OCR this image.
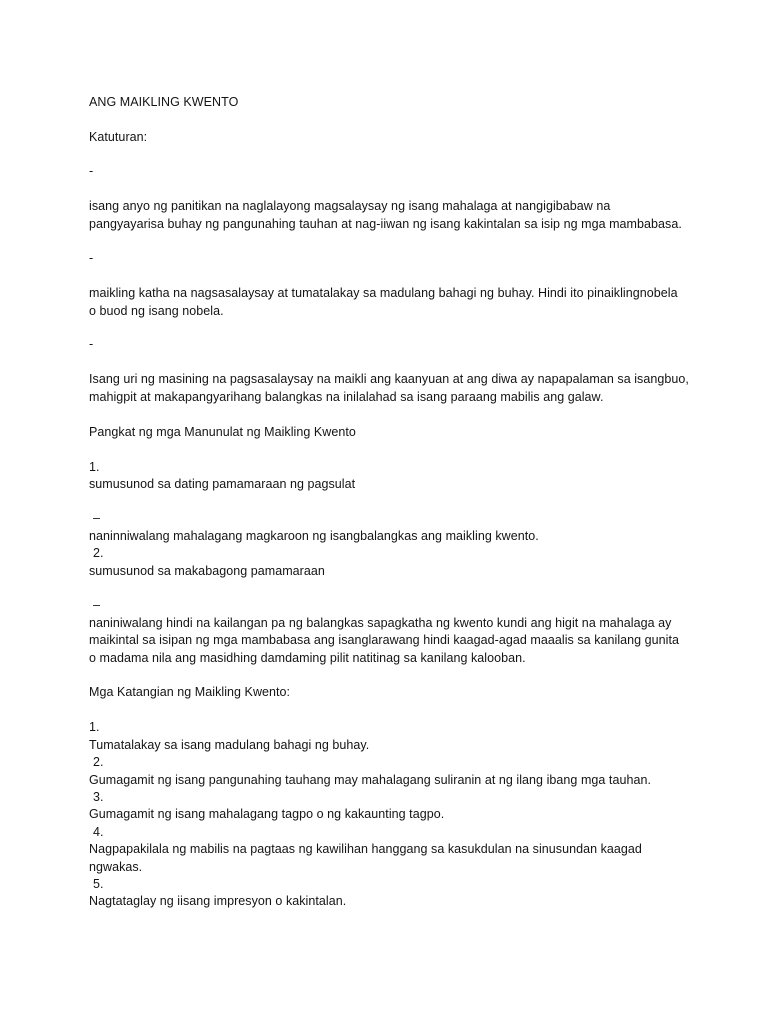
ANG MAIKLING KWENTO
Katuturan:
-
isang anyo ng panitikan na naglalayong magsalaysay ng isang mahalaga at nangigibabaw na
pangyayarisa buhay ng pangunahing tauhan at nag-iiwan ng isang kakintalan sa isip ng mga mambabasa.
-
maikling katha na nagsasalaysay at tumatalakay sa madulang bahagi ng buhay. Hindi ito pinaiklingnobela
o buod ng isang nobela.
-
Isang uri ng masining na pagsasalaysay na maikli ang kaanyuan at ang diwa ay napapalaman sa isangbuo,
mahigpit at makapangyarihang balangkas na inilalahad sa isang paraang mabilis ang galaw.
Pangkat ng mga Manunulat ng Maikling Kwento
1.
sumusunod sa dating pamamaraan ng pagsulat
–
naninniwalang mahalagang magkaroon ng isangbalangkas ang maikling kwento.
2.
sumusunod sa makabagong pamamaraan
–
naniniwalang hindi na kailangan pa ng balangkas sapagkatha ng kwento kundi ang higit na mahalaga ay
maikintal sa isipan ng mga mambabasa ang isanglarawang hindi kaagad-agad maaalis sa kanilang gunita
o madama nila ang masidhing damdaming pilit natitinag sa kanilang kalooban.
Mga Katangian ng Maikling Kwento:
1.
Tumatalakay sa isang madulang bahagi ng buhay.
2.
Gumagamit ng isang pangunahing tauhang may mahalagang suliranin at ng ilang ibang mga tauhan.
3.
Gumagamit ng isang mahalagang tagpo o ng kakaunting tagpo.
4.
Nagpapakilala ng mabilis na pagtaas ng kawilihan hanggang sa kasukdulan na sinusundan kaagad
ngwakas.
5.
Nagtataglay ng iisang impresyon o kakintalan.
